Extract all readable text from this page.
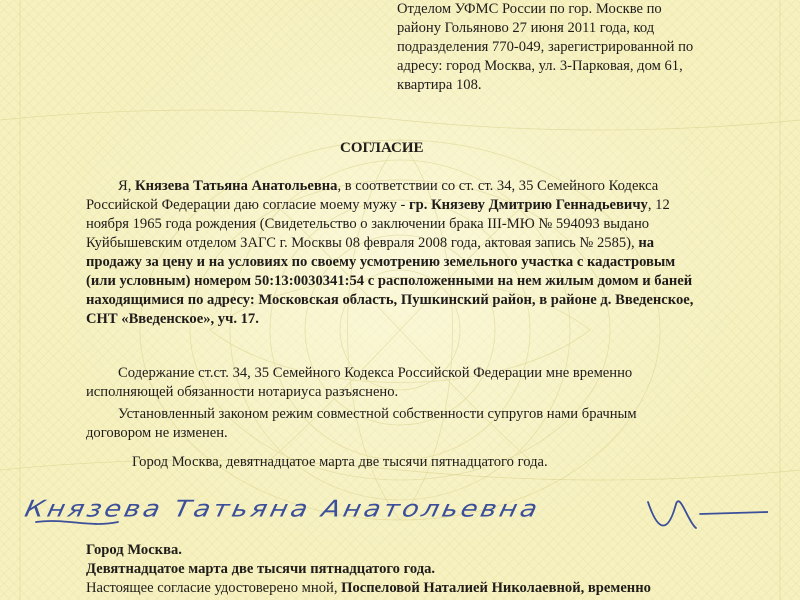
Отделом УФМС России по гор. Москве по
району Гольяново 27 июня 2011 года, код
подразделения 770-049, зарегистрированной по
адресу: город Москва, ул. 3-Парковая, дом 61,
квартира 108.
СОГЛАСИЕ
Я, Князева Татьяна Анатольевна, в соответствии со ст. ст. 34, 35 Семейного Кодекса
Российской Федерации даю согласие моему мужу - гр. Князеву Дмитрию Геннадьевичу, 12
ноября 1965 года рождения (Свидетельство о заключении брака III-МЮ № 594093 выдано
Куйбышевским отделом ЗАГС г. Москвы 08 февраля 2008 года, актовая запись № 2585), на
продажу за цену и на условиях по своему усмотрению земельного участка с кадастровым
(или условным) номером 50:13:0030341:54 с расположенными на нем жилым домом и баней
находящимися по адресу: Московская область, Пушкинский район, в районе д. Введенское,
СНТ «Введенское», уч. 17.
Содержание ст.ст. 34, 35 Семейного Кодекса Российской Федерации мне временно
исполняющей обязанности нотариуса разъяснено.
Установленный законом режим совместной собственности супругов нами брачным
договором не изменен.
Город Москва, девятнадцатое марта две тысячи пятнадцатого года.
Князева Татьяна Анатольевна
Город Москва.
Девятнадцатое марта две тысячи пятнадцатого года.
Настоящее согласие удостоверено мной, Поспеловой Наталией Николаевной, временно
